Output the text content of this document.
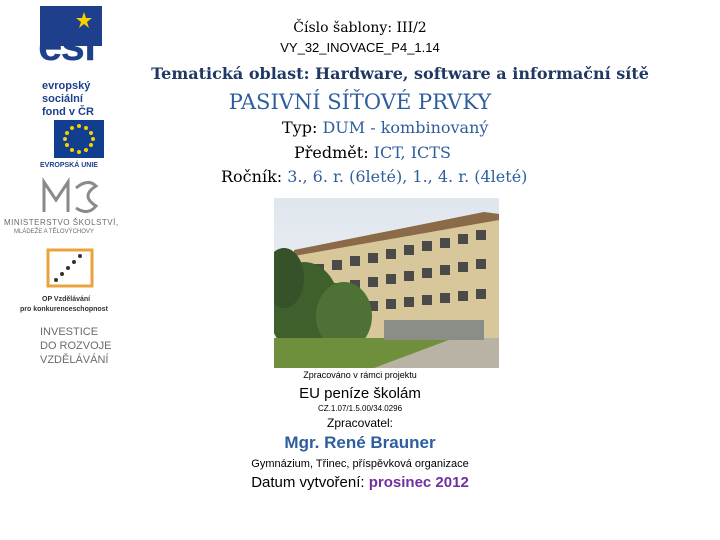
esf
evropský
sociální
fond v ČR
EVROPSKÁ UNIE
MINISTERSTVO ŠKOLSTVÍ,
MLÁDEŽE A TĚLOVÝCHOVY
OP Vzdělávání
pro konkurenceschopnost
INVESTICE
DO ROZVOJE
VZDĚLÁVÁNÍ
Číslo šablony: III/2
VY_32_INOVACE_P4_1.14
Tematická oblast: Hardware, software a informační sítě
PASIVNÍ SÍŤOVÉ PRVKY
Typ: DUM - kombinovaný
Předmět: ICT, ICTS
Ročník: 3., 6. r. (6leté), 1., 4. r. (4leté)
Zpracováno v rámci projektu
EU peníze školám
CZ.1.07/1.5.00/34.0296
Zpracovatel:
Mgr. René Brauner
Gymnázium, Třinec, příspěvková organizace
Datum vytvoření: prosinec 2012
